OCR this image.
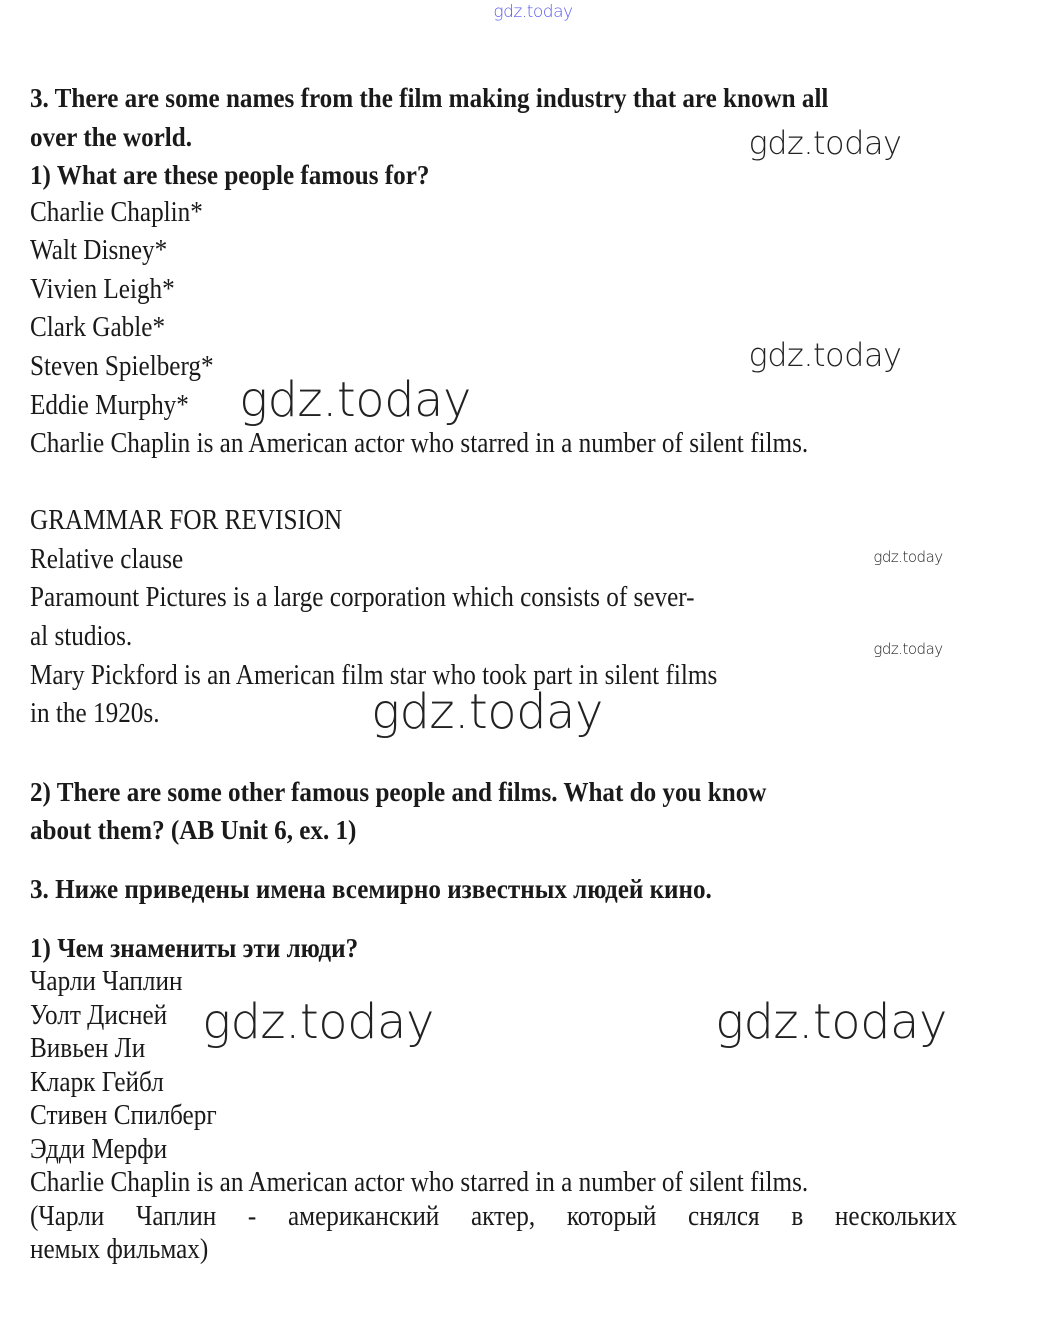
3. There are some names from the film making industry that are known all
over the world.
1) What are these people famous for?
Charlie Chaplin*
Walt Disney*
Vivien Leigh*
Clark Gable*
Steven Spielberg*
Eddie Murphy*
Charlie Chaplin is an American actor who starred in a number of silent films.
GRAMMAR FOR REVISION
Relative clause
Paramount Pictures is a large corporation which consists of sever-
al studios.
Mary Pickford is an American film star who took part in silent films
in the 1920s.
2) There are some other famous people and films. What do you know
about them? (AB Unit 6, ex. 1)
3. Ниже приведены имена всемирно известных людей кино.
1) Чем знамениты эти люди?
Чарли Чаплин
Уолт Дисней
Вивьен Ли
Кларк Гейбл
Стивен Спилберг
Эдди Мерфи
Charlie Chaplin is an American actor who starred in a number of silent films.
(Чарли Чаплин - американский актер, который снялся в нескольких
немых фильмах)
gdz.today
gdz.today
gdz.today
gdz.today
gdz.today
gdz.today
gdz.today
gdz.today	gdz.today
